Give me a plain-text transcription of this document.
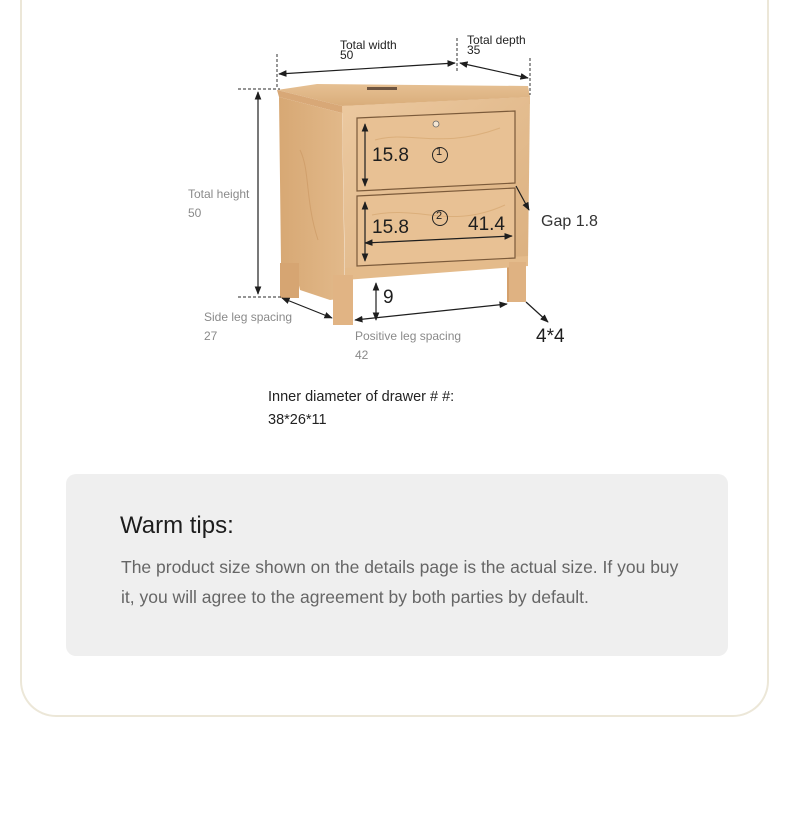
Total width
50
Total depth
35
Total height
50
Side leg spacing
27	Positive leg spacing
42
15.8 1
15.8
2 41.4 Gap 1.8
9
4*4
Inner diameter of drawer # #:
38*26*11
Warm tips:
The product size shown on the details page is the actual size. If you buy it, you will agree to the agreement by both parties by default.
